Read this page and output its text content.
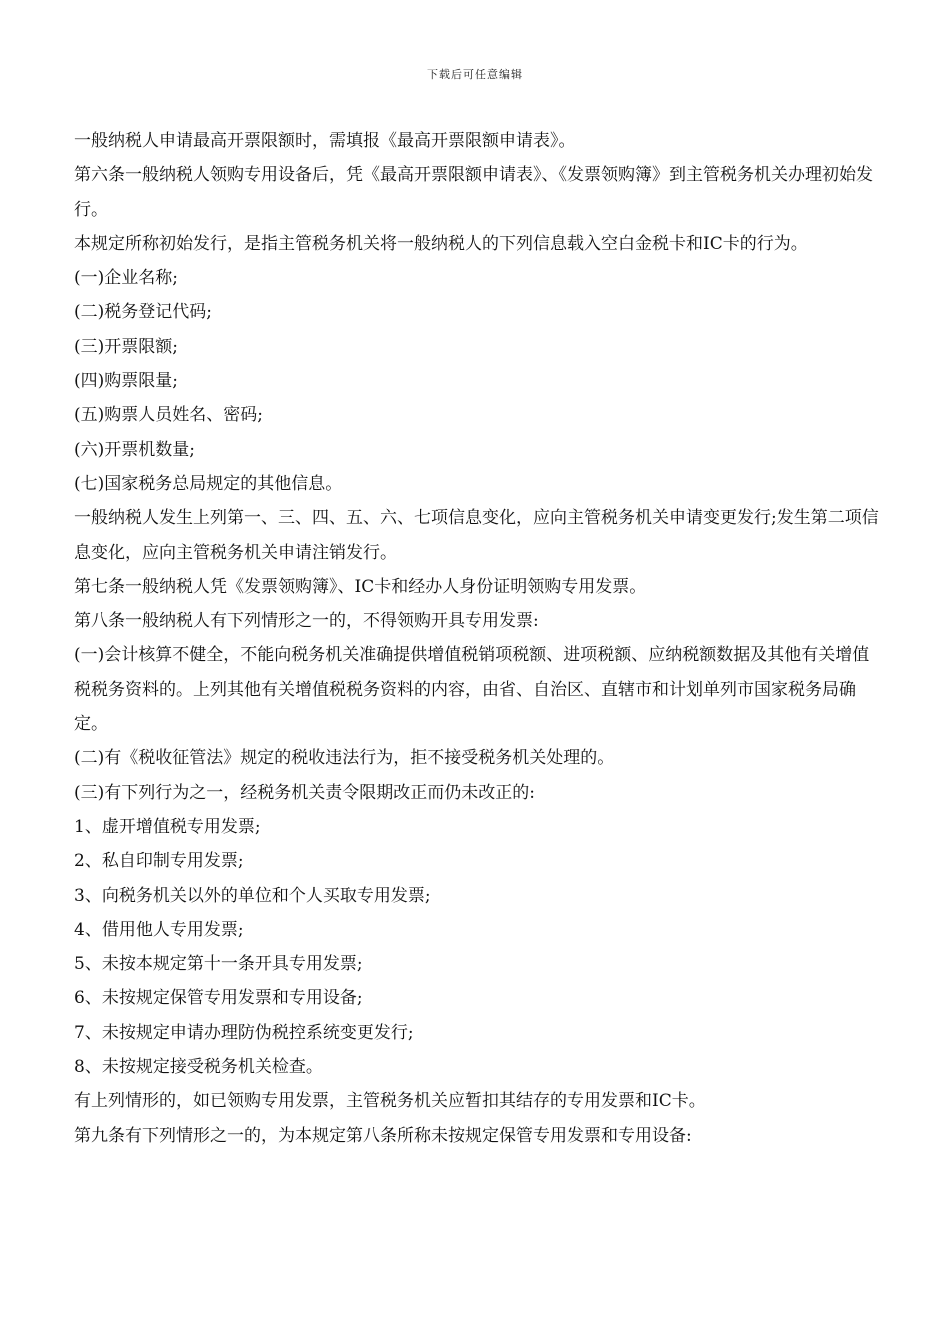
下载后可任意编辑

一般纳税人申请最高开票限额时，需填报《最高开票限额申请表》。

第六条一般纳税人领购专用设备后，凭《最高开票限额申请表》、《发票领购簿》到主管税务机关办理初始发行。

本规定所称初始发行，是指主管税务机关将一般纳税人的下列信息载入空白金税卡和IC卡的行为。

(一)企业名称;

(二)税务登记代码;

(三)开票限额;

(四)购票限量;

(五)购票人员姓名、密码;

(六)开票机数量;

(七)国家税务总局规定的其他信息。

一般纳税人发生上列第一、三、四、五、六、七项信息变化，应向主管税务机关申请变更发行;发生第二项信息变化，应向主管税务机关申请注销发行。

第七条一般纳税人凭《发票领购簿》、IC卡和经办人身份证明领购专用发票。

第八条一般纳税人有下列情形之一的，不得领购开具专用发票:

(一)会计核算不健全，不能向税务机关准确提供增值税销项税额、进项税额、应纳税额数据及其他有关增值税税务资料的。上列其他有关增值税税务资料的内容，由省、自治区、直辖市和计划单列市国家税务局确定。

(二)有《税收征管法》规定的税收违法行为，拒不接受税务机关处理的。

(三)有下列行为之一，经税务机关责令限期改正而仍未改正的:

1、虚开增值税专用发票;

2、私自印制专用发票;

3、向税务机关以外的单位和个人买取专用发票;

4、借用他人专用发票;

5、未按本规定第十一条开具专用发票;

6、未按规定保管专用发票和专用设备;

7、未按规定申请办理防伪税控系统变更发行;

8、未按规定接受税务机关检查。

有上列情形的，如已领购专用发票，主管税务机关应暂扣其结存的专用发票和IC卡。

第九条有下列情形之一的，为本规定第八条所称未按规定保管专用发票和专用设备:
